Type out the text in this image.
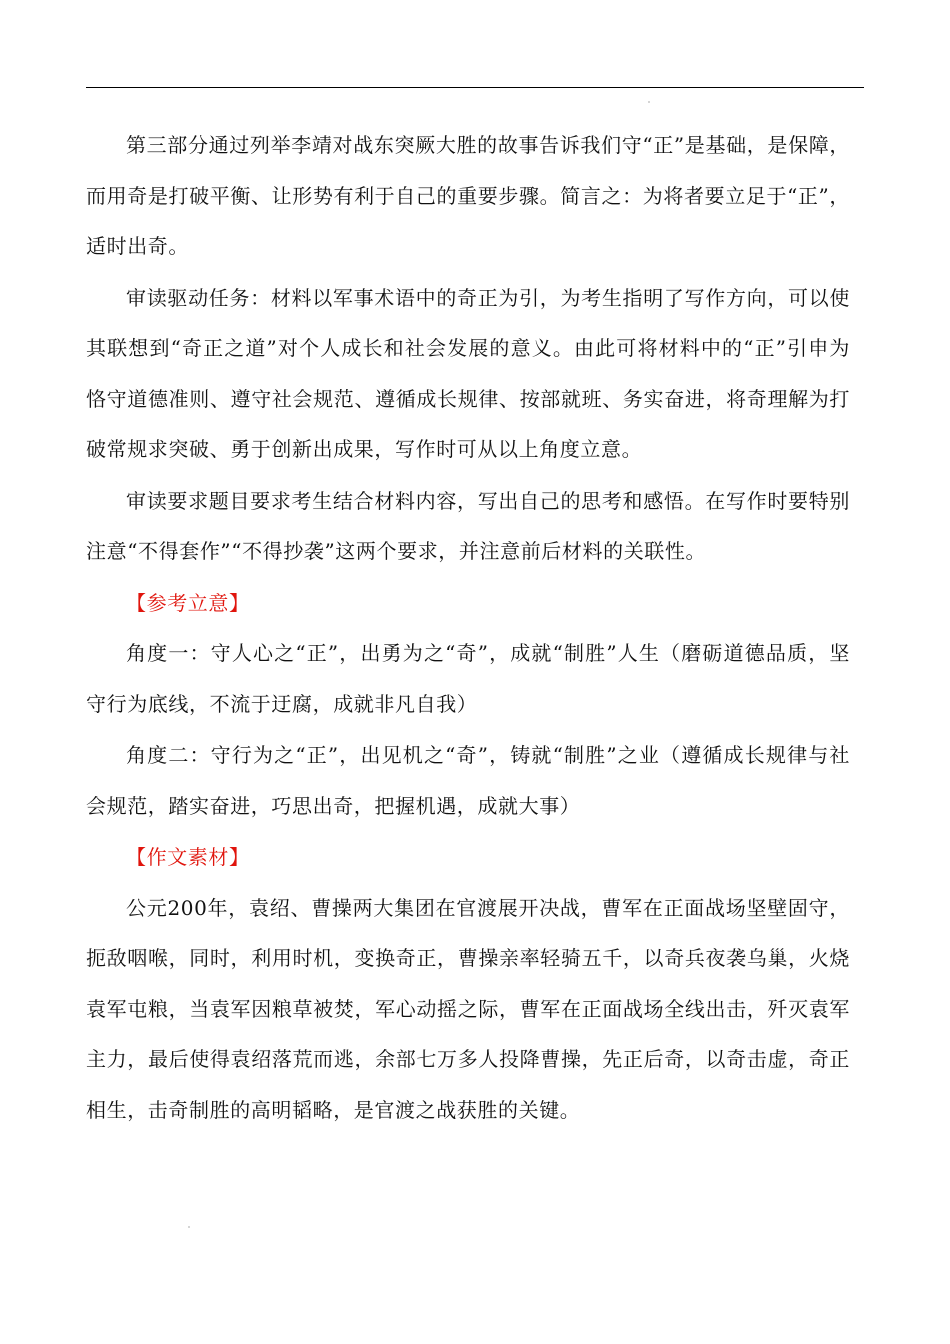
第三部分通过列举李靖对战东突厥大胜的故事告诉我们守“正”是基础，是保障，而用奇是打破平衡、让形势有利于自己的重要步骤。简言之：为将者要立足于“正”，适时出奇。

审读驱动任务：材料以军事术语中的奇正为引，为考生指明了写作方向，可以使其联想到“奇正之道”对个人成长和社会发展的意义。由此可将材料中的“正”引申为恪守道德准则、遵守社会规范、遵循成长规律、按部就班、务实奋进，将奇理解为打破常规求突破、勇于创新出成果，写作时可从以上角度立意。

审读要求题目要求考生结合材料内容，写出自己的思考和感悟。在写作时要特别注意“不得套作”“不得抄袭”这两个要求，并注意前后材料的关联性。

【参考立意】

角度一：守人心之“正”，出勇为之“奇”，成就“制胜”人生（磨砺道德品质，坚守行为底线，不流于迂腐，成就非凡自我）

角度二：守行为之“正”，出见机之“奇”，铸就“制胜”之业（遵循成长规律与社会规范，踏实奋进，巧思出奇，把握机遇，成就大事）

【作文素材】

公元200年，袁绍、曹操两大集团在官渡展开决战，曹军在正面战场坚壁固守，扼敌咽喉，同时，利用时机，变换奇正，曹操亲率轻骑五千，以奇兵夜袭乌巢，火烧袁军屯粮，当袁军因粮草被焚，军心动摇之际，曹军在正面战场全线出击，歼灭袁军主力，最后使得袁绍落荒而逃，余部七万多人投降曹操，先正后奇，以奇击虚，奇正相生，击奇制胜的高明韬略，是官渡之战获胜的关键。
